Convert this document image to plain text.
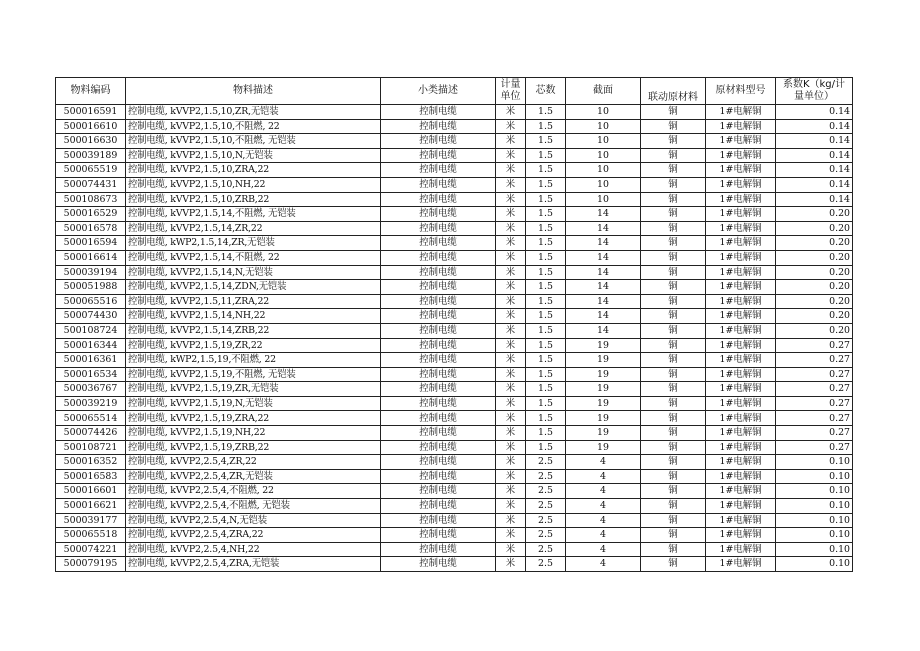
物料编码	物料描述	小类描述	计量单位	芯数	截面	联动原材料	原材料型号	系数K（kg/计量单位）

500016591	控制电缆, kVVP2,1.5,10,ZR,无铠装	控制电缆	米	1.5	10	铜	1#电解铜	0.14
500016610	控制电缆, kVVP2,1.5,10,不阻燃, 22	控制电缆	米	1.5	10	铜	1#电解铜	0.14
500016630	控制电缆, kVVP2,1.5,10,不阻燃, 无铠装	控制电缆	米	1.5	10	铜	1#电解铜	0.14
500039189	控制电缆, kVVP2,1.5,10,N,无铠装	控制电缆	米	1.5	10	铜	1#电解铜	0.14
500065519	控制电缆, kVVP2,1.5,10,ZRA,22	控制电缆	米	1.5	10	铜	1#电解铜	0.14
500074431	控制电缆, kVVP2,1.5,10,NH,22	控制电缆	米	1.5	10	铜	1#电解铜	0.14
500108673	控制电缆, kVVP2,1.5,10,ZRB,22	控制电缆	米	1.5	10	铜	1#电解铜	0.14
500016529	控制电缆, kVVP2,1.5,14,不阻燃, 无铠装	控制电缆	米	1.5	14	铜	1#电解铜	0.20
500016578	控制电缆, kVVP2,1.5,14,ZR,22	控制电缆	米	1.5	14	铜	1#电解铜	0.20
500016594	控制电缆, kWP2,1.5,14,ZR,无铠装	控制电缆	米	1.5	14	铜	1#电解铜	0.20
500016614	控制电缆, kVVP2,1.5,14,不阻燃, 22	控制电缆	米	1.5	14	铜	1#电解铜	0.20
500039194	控制电缆, kVVP2,1.5,14,N,无铠装	控制电缆	米	1.5	14	铜	1#电解铜	0.20
500051988	控制电缆, kVVP2,1.5,14,ZDN,无铠装	控制电缆	米	1.5	14	铜	1#电解铜	0.20
500065516	控制电缆, kVVP2,1.5,11,ZRA,22	控制电缆	米	1.5	14	铜	1#电解铜	0.20
500074430	控制电缆, kVVP2,1.5,14,NH,22	控制电缆	米	1.5	14	铜	1#电解铜	0.20
500108724	控制电缆, kVVP2,1.5,14,ZRB,22	控制电缆	米	1.5	14	铜	1#电解铜	0.20
500016344	控制电缆, kVVP2,1.5,19,ZR,22	控制电缆	米	1.5	19	铜	1#电解铜	0.27
500016361	控制电缆, kWP2,1.5,19,不阻燃, 22	控制电缆	米	1.5	19	铜	1#电解铜	0.27
500016534	控制电缆, kVVP2,1.5,19,不阻燃, 无铠装	控制电缆	米	1.5	19	铜	1#电解铜	0.27
500036767	控制电缆, kVVP2,1.5,19,ZR,无铠装	控制电缆	米	1.5	19	铜	1#电解铜	0.27
500039219	控制电缆, kVVP2,1.5,19,N,无铠装	控制电缆	米	1.5	19	铜	1#电解铜	0.27
500065514	控制电缆, kVVP2,1.5,19,ZRA,22	控制电缆	米	1.5	19	铜	1#电解铜	0.27
500074426	控制电缆, kVVP2,1.5,19,NH,22	控制电缆	米	1.5	19	铜	1#电解铜	0.27
500108721	控制电缆, kVVP2,1.5,19,ZRB,22	控制电缆	米	1.5	19	铜	1#电解铜	0.27
500016352	控制电缆, kVVP2,2.5,4,ZR,22	控制电缆	米	2.5	4	铜	1#电解铜	0.10
500016583	控制电缆, kVVP2,2.5,4,ZR,无铠装	控制电缆	米	2.5	4	铜	1#电解铜	0.10
500016601	控制电缆, kVVP2,2.5,4,不阻燃, 22	控制电缆	米	2.5	4	铜	1#电解铜	0.10
500016621	控制电缆, kVVP2,2.5,4,不阻燃, 无铠装	控制电缆	米	2.5	4	铜	1#电解铜	0.10
500039177	控制电缆, kVVP2,2.5,4,N,无铠装	控制电缆	米	2.5	4	铜	1#电解铜	0.10
500065518	控制电缆, kVVP2,2.5,4,ZRA,22	控制电缆	米	2.5	4	铜	1#电解铜	0.10
500074221	控制电缆, kVVP2,2.5,4,NH,22	控制电缆	米	2.5	4	铜	1#电解铜	0.10
500079195	控制电缆, kVVP2,2.5,4,ZRA,无铠装	控制电缆	米	2.5	4	铜	1#电解铜	0.10
